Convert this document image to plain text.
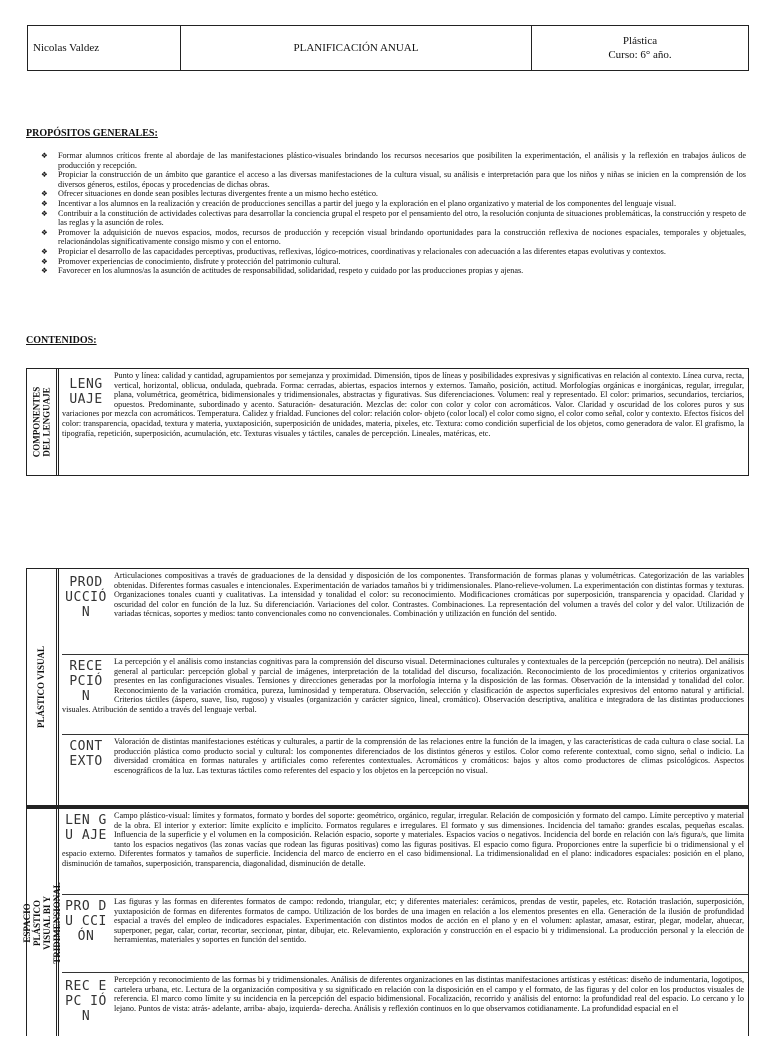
Nicolas Valdez	PLANIFICACIÓN ANUAL
Plástica
Curso: 6° año.
PROPÓSITOS GENERALES:
❖ Formar alumnos críticos frente al abordaje de las manifestaciones plástico-visuales brindando los recursos necesarios que posibiliten la experimentación, el análisis y la reflexión en trabajos áulicos de producción y recepción.
❖ Propiciar la construcción de un ámbito que garantice el acceso a las diversas manifestaciones de la cultura visual, su análisis e interpretación para que los niños y niñas se inicien en la comprensión de los diversos géneros, estilos, épocas y procedencias de dichas obras.
❖ Ofrecer situaciones en donde sean posibles lecturas divergentes frente a un mismo hecho estético.
❖ Incentivar a los alumnos en la realización y creación de producciones sencillas a partir del juego y la exploración en el plano organizativo y material de los componentes del lenguaje visual.
❖ Contribuir a la constitución de actividades colectivas para desarrollar la conciencia grupal el respeto por el pensamiento del otro, la resolución conjunta de situaciones problemáticas, la construcción y respeto de las reglas y la asunción de roles.
❖ Promover la adquisición de nuevos espacios, modos, recursos de producción y recepción visual brindando oportunidades para la construcción reflexiva de nociones espaciales, temporales y objetuales, relacionándolas significativamente consigo mismo y con el entorno.
❖ Propiciar el desarrollo de las capacidades perceptivas, productivas, reflexivas, lógico-motrices, coordinativas y relacionales con adecuación a las diferentes etapas evolutivas y contextos.
❖ Promover experiencias de conocimiento, disfrute y protección del patrimonio cultural.
❖ Favorecer en los alumnos/as la asunción de actitudes de responsabilidad, solidaridad, respeto y cuidado por las producciones propias y ajenas.
CONTENIDOS:
COMPONENTES DEL LENGUAJE
LENG UAJE
Punto y línea: calidad y cantidad, agrupamientos por semejanza y proximidad. Dimensión, tipos de líneas y posibilidades expresivas y significativas en relación al contexto. Línea curva, recta, vertical, horizontal, oblicua, ondulada, quebrada. Forma: cerradas, abiertas, espacios internos y externos. Tamaño, posición, actitud. Morfologías orgánicas e inorgánicas, regular, irregular, plana, volumétrica, geométrica, bidimensionales y tridimensionales, abstractas y figurativas. Sus diferenciaciones. Volumen: real y representado. El color: primarios, secundarios, terciarios, opuestos. Predominante, subordinado y acento. Saturación- desaturación. Mezclas de: color con color y color con acromáticos. Valor. Claridad y oscuridad de los colores puros y sus variaciones por mezcla con acromáticos. Temperatura. Calidez y frialdad. Funciones del color: relación color- objeto (color local) el color como signo, el color como señal, color y contexto. Efectos físicos del color: transparencia, opacidad, textura y materia, yuxtaposición, superposición de unidades, materia, pixeles, etc. Textura: como condición superficial de los objetos, como generadora de valor. El grafismo, la tipografía, repetición, superposición, acumulación, etc. Texturas visuales y táctiles, canales de percepción. Lineales, matéricas, etc.
PLÁSTICO VISUAL
PROD UCCIÓ N
Articulaciones compositivas a través de graduaciones de la densidad y disposición de los componentes. Transformación de formas planas y volumétricas. Categorización de las variables obtenidas. Diferentes formas casuales e intencionales. Experimentación de variados tamaños bi y tridimensionales. Plano-relieve-volumen. La experimentación con distintas formas y texturas. Organizaciones tonales cuanti y cualitativas. La intensidad y tonalidad el color: su reconocimiento. Modificaciones cromáticas por superposición, transparencia y opacidad. Claridad y oscuridad del color en función de la luz. Su diferenciación. Variaciones del color. Contrastes. Combinaciones. La representación del volumen a través del color y del valor. Utilización de variadas técnicas, soportes y medios: tanto convencionales como no convencionales. Combinación y utilización en función del sentido.
RECE PCIÓ N
La percepción y el análisis como instancias cognitivas para la comprensión del discurso visual. Determinaciones culturales y contextuales de la percepción (percepción no neutra). Del análisis general al particular: percepción global y parcial de imágenes, interpretación de la totalidad del discurso, focalización. Reconocimiento de los procedimientos y criterios organizativos presentes en las configuraciones visuales. Tensiones y direcciones generadas por la morfología interna y la disposición de las formas. Observación de la intensidad y tonalidad del color. Reconocimiento de la variación cromática, pureza, luminosidad y temperatura. Observación, selección y clasificación de aspectos superficiales expresivos del entorno natural y artificial. Criterios táctiles (áspero, suave, liso, rugoso) y visuales (organización y carácter sígnico, lineal, cromático). Observación descriptiva, analítica e integradora de las distintas producciones visuales. Atribución de sentido a través del lenguaje verbal.
CONT EXTO
Valoración de distintas manifestaciones estéticas y culturales, a partir de la comprensión de las relaciones entre la función de la imagen, y las características de cada cultura o clase social. La producción plástica como producto social y cultural: los componentes diferenciados de los distintos géneros y estilos. Color como referente contextual, como signo, señal o indicio. La diversidad cromática en formas naturales y artificiales como referentes contextuales. Acromáticos y cromáticos: bajos y altos como productores de climas psicológicos. Aspectos escenográficos de la luz. Las texturas táctiles como referentes del espacio y los objetos en la percepción no visual.
ESPACIO PLÁSTICO VISUAL BI Y TRIDIMENSIONAL
LEN GU AJE
Campo plástico-visual: límites y formatos, formato y bordes del soporte: geométrico, orgánico, regular, irregular. Relación de composición y formato del campo. Límite perceptivo y material de la obra. El interior y exterior: límite explícito e implícito. Formatos regulares e irregulares. El formato y sus dimensiones. Incidencia del tamaño: grandes escalas, pequeñas escalas. Influencia de la superficie y el volumen en la composición. Relación espacio, soporte y materiales. Espacios vacíos o negativos. Incidencia del borde en relación con la/s figura/s, que limita tanto los espacios negativos (las zonas vacías que rodean las figuras positivas) como las figuras positivas. El espacio como figura. Proporciones entre la superficie bi o tridimensional y el espacio externo. Diferentes formatos y tamaños de superficie. Incidencia del marco de encierro en el caso bidimensional. La tridimensionalidad en el plano: indicadores espaciales: posición en el plano, disminución de tamaños, superposición, transparencia, diagonalidad, disminución de detalle.
PRO DU CCI ÓN
Las figuras y las formas en diferentes formatos de campo: redondo, triangular, etc; y diferentes materiales: cerámicos, prendas de vestir, papeles, etc. Rotación traslación, superposición, yuxtaposición de formas en diferentes formatos de campo. Utilización de los bordes de una imagen en relación a los elementos presentes en ella. Generación de la ilusión de profundidad espacial a través del empleo de indicadores espaciales. Experimentación con distintos modos de acción en el plano y en el volumen: aplastar, amasar, estirar, plegar, modelar, ahuecar, superponer, pegar, calar, cortar, recortar, seccionar, pintar, dibujar, etc. Relevamiento, exploración y construcción en el espacio bi y tridimensional. La producción personal y la elección de herramientas, materiales y soportes en función del sentido.
REC EPC IÓN
Percepción y reconocimiento de las formas bi y tridimensionales. Análisis de diferentes organizaciones en las distintas manifestaciones artísticas y estéticas: diseño de indumentaria, logotipos, cartelera urbana, etc. Lectura de la organización compositiva y su significado en relación con la disposición en el campo y el formato, de las figuras y del color en los productos visuales de referencia. El marco como límite y su incidencia en la percepción del espacio bidimensional. Focalización, recorrido y análisis del entorno: la profundidad real del espacio. Lo cercano y lo lejano. Puntos de vista: atrás- adelante, arriba- abajo, izquierda- derecha. Análisis y reflexión continuos en lo que observamos cotidianamente. La profundidad espacial en el
